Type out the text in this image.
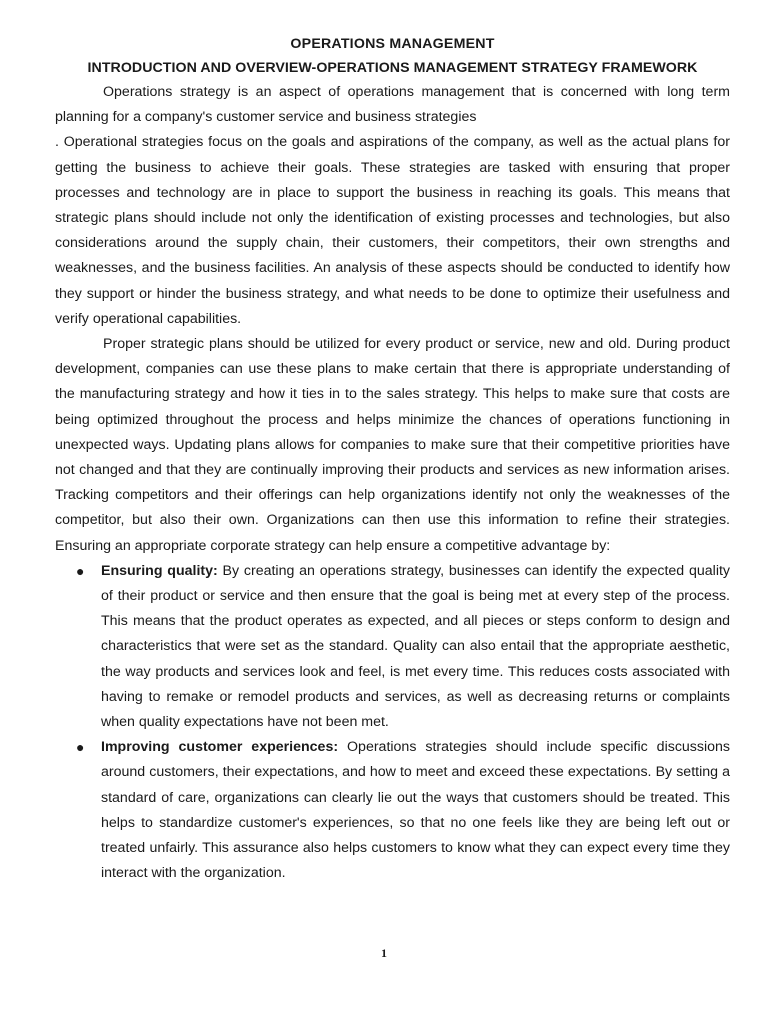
OPERATIONS MANAGEMENT
INTRODUCTION AND OVERVIEW-OPERATIONS MANAGEMENT STRATEGY FRAMEWORK

Operations strategy is an aspect of operations management that is concerned with long term planning for a company's customer service and business strategies

. Operational strategies focus on the goals and aspirations of the company, as well as the actual plans for getting the business to achieve their goals. These strategies are tasked with ensuring that proper processes and technology are in place to support the business in reaching its goals. This means that strategic plans should include not only the identification of existing processes and technologies, but also considerations around the supply chain, their customers, their competitors, their own strengths and weaknesses, and the business facilities. An analysis of these aspects should be conducted to identify how they support or hinder the business strategy, and what needs to be done to optimize their usefulness and verify operational capabilities.

Proper strategic plans should be utilized for every product or service, new and old. During product development, companies can use these plans to make certain that there is appropriate understanding of the manufacturing strategy and how it ties in to the sales strategy. This helps to make sure that costs are being optimized throughout the process and helps minimize the chances of operations functioning in unexpected ways. Updating plans allows for companies to make sure that their competitive priorities have not changed and that they are continually improving their products and services as new information arises. Tracking competitors and their offerings can help organizations identify not only the weaknesses of the competitor, but also their own. Organizations can then use this information to refine their strategies. Ensuring an appropriate corporate strategy can help ensure a competitive advantage by:

● Ensuring quality: By creating an operations strategy, businesses can identify the expected quality of their product or service and then ensure that the goal is being met at every step of the process. This means that the product operates as expected, and all pieces or steps conform to design and characteristics that were set as the standard. Quality can also entail that the appropriate aesthetic, the way products and services look and feel, is met every time. This reduces costs associated with having to remake or remodel products and services, as well as decreasing returns or complaints when quality expectations have not been met.

● Improving customer experiences: Operations strategies should include specific discussions around customers, their expectations, and how to meet and exceed these expectations. By setting a standard of care, organizations can clearly lie out the ways that customers should be treated. This helps to standardize customer's experiences, so that no one feels like they are being left out or treated unfairly. This assurance also helps customers to know what they can expect every time they interact with the organization.

1
